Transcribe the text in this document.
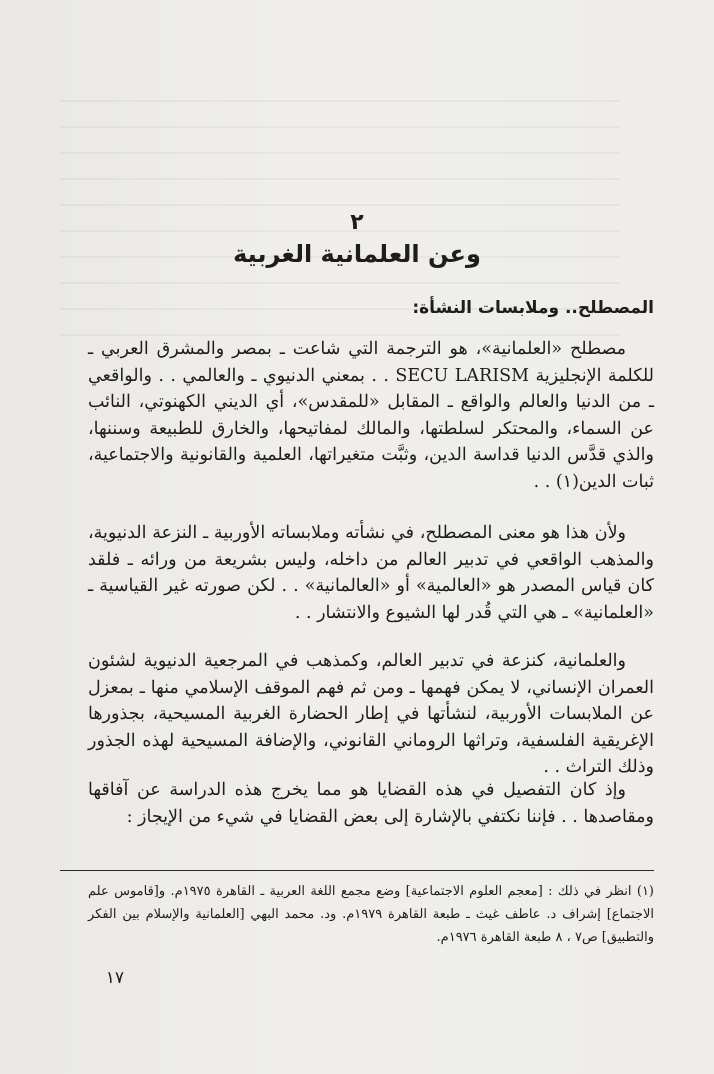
٢
وعن العلمانية الغربية
المصطلح.. وملابسات النشأة:

مصطلح «العلمانية»، هو الترجمة التي شاعت ـ بمصر والمشرق العربي ـ للكلمة الإنجليزية SECU LARISM . . بمعني الدنيوي ـ والعالمي . . والواقعي ـ من الدنيا والعالم والواقع ـ المقابل «للمقدس»، أي الديني الكهنوتي، النائب عن السماء، والمحتكر لسلطتها، والمالك لمفاتيحها، والخارق للطبيعة وسننها، والذي قدَّس الدنيا قداسة الدين، وثبَّت متغيراتها، العلمية والقانونية والاجتماعية، ثبات الدين(١) . .

ولأن هذا هو معنى المصطلح، في نشأته وملابساته الأوربية ـ النزعة الدنيوية، والمذهب الواقعي في تدبير العالم من داخله، وليس بشريعة من ورائه ـ فلقد كان قياس المصدر هو «العالمية» أو «العالمانية» . . لكن صورته غير القياسية ـ «العلمانية» ـ هي التي قُدر لها الشيوع والانتشار . .

والعلمانية، كنزعة في تدبير العالم، وكمذهب في المرجعية الدنيوية لشئون العمران الإنساني، لا يمكن فهمها ـ ومن ثم فهم الموقف الإسلامي منها ـ بمعزل عن الملابسات الأوربية، لنشأتها في إطار الحضارة الغربية المسيحية، بجذورها الإغريقية الفلسفية، وتراثها الروماني القانوني، والإضافة المسيحية لهذه الجذور وذلك التراث . .

وإذ كان التفصيل في هذه القضايا هو مما يخرج هذه الدراسة عن آفاقها ومقاصدها . . فإننا نكتفي بالإشارة إلى بعض القضايا في شيء من الإيجاز :

(١) انظر في ذلك : [معجم العلوم الاجتماعية] وضع مجمع اللغة العربية ـ القاهرة ١٩٧٥م. و[قاموس علم الاجتماع] إشراف د. عاطف غيث ـ طبعة القاهرة ١٩٧٩م. ود. محمد البهي [العلمانية والإسلام بين الفكر والتطبيق] ص٧ ، ٨ طبعة القاهرة ١٩٧٦م.

١٧
